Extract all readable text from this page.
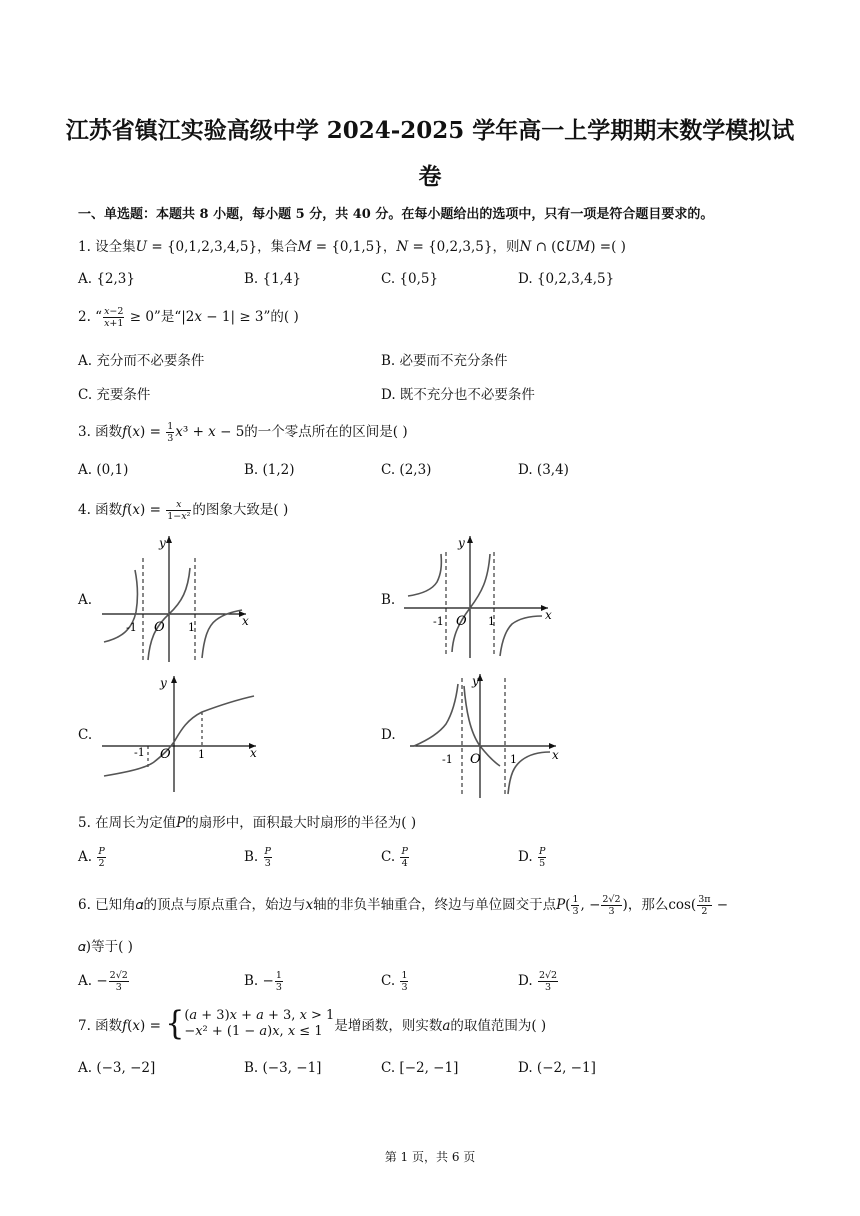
江苏省镇江实验高级中学 2024-2025 学年高一上学期期末数学模拟试
卷
一、单选题：本题共 8 小题，每小题 5 分，共 40 分。在每小题给出的选项中，只有一项是符合题目要求的。
1. 设全集𝑈 = {0,1,2,3,4,5}，集合𝑀 = {0,1,5}，𝑁 = {0,2,3,5}，则𝑁 ∩ (∁𝑈𝑀) =( )
A. {2,3}	B. {1,4}	C. {0,5}	D. {0,2,3,4,5}
2. “ $\frac{\text{𝑥−2}}{\text{𝑥+1}} \ge 0$”是“|2𝑥 − 1| ≥ 3”的( )
A. 充分而不必要条件	B. 必要而不充分条件
C. 充要条件	D. 既不充分也不必要条件
3. 函数𝑓(𝑥) = $\frac{1}{3}$ 𝑥³ + 𝑥 − 5的一个零点所在的区间是( )
A. (0,1)	B. (1,2)	C. (2,3)	D. (3,4)
4. 函数𝑓(𝑥) = $\frac{\text{𝑥}}{\text{1−𝑥²}}$ 的图象大致是( )
A.	B.
C.	D.
y
x
O
-1	1
y
x
O
-1	1
y
x
O
-1	1
y
x
O
-1	1
5. 在周长为定值𝑃的扇形中，面积最大时扇形的半径为( )
A. $\frac{\text{𝑃}}{2}$	B. $\frac{\text{𝑃}}{3}$	C. $\frac{\text{𝑃}}{4}$	D. $\frac{\text{𝑃}}{5}$
6. 已知角𝛼的顶点与原点重合，始边与𝑥轴的非负半轴重合，终边与单位圆交于点𝑃( $\frac{1}{3}$ , − $\frac{2√2}{3}$ )，那么$\cos( \frac{3\pi}{2}$ −
𝛼)等于( )
A. − $\frac{2√2}{3}$	B. − $\frac{1}{3}$	C. $\frac{1}{3}$	D. $\frac{2√2}{3}$
7. 函数𝑓(𝑥) = { (𝑎 + 3)𝑥 + 𝑎 + 3, 𝑥 > 1
−𝑥² + (1 − 𝑎)𝑥, 𝑥 ≤ 1 是增函数，则实数𝑎的取值范围为( )
A. (−3, −2]	B. (−3, −1]	C. [−2, −1]	D. (−2, −1]
第 1 页，共 6 页
